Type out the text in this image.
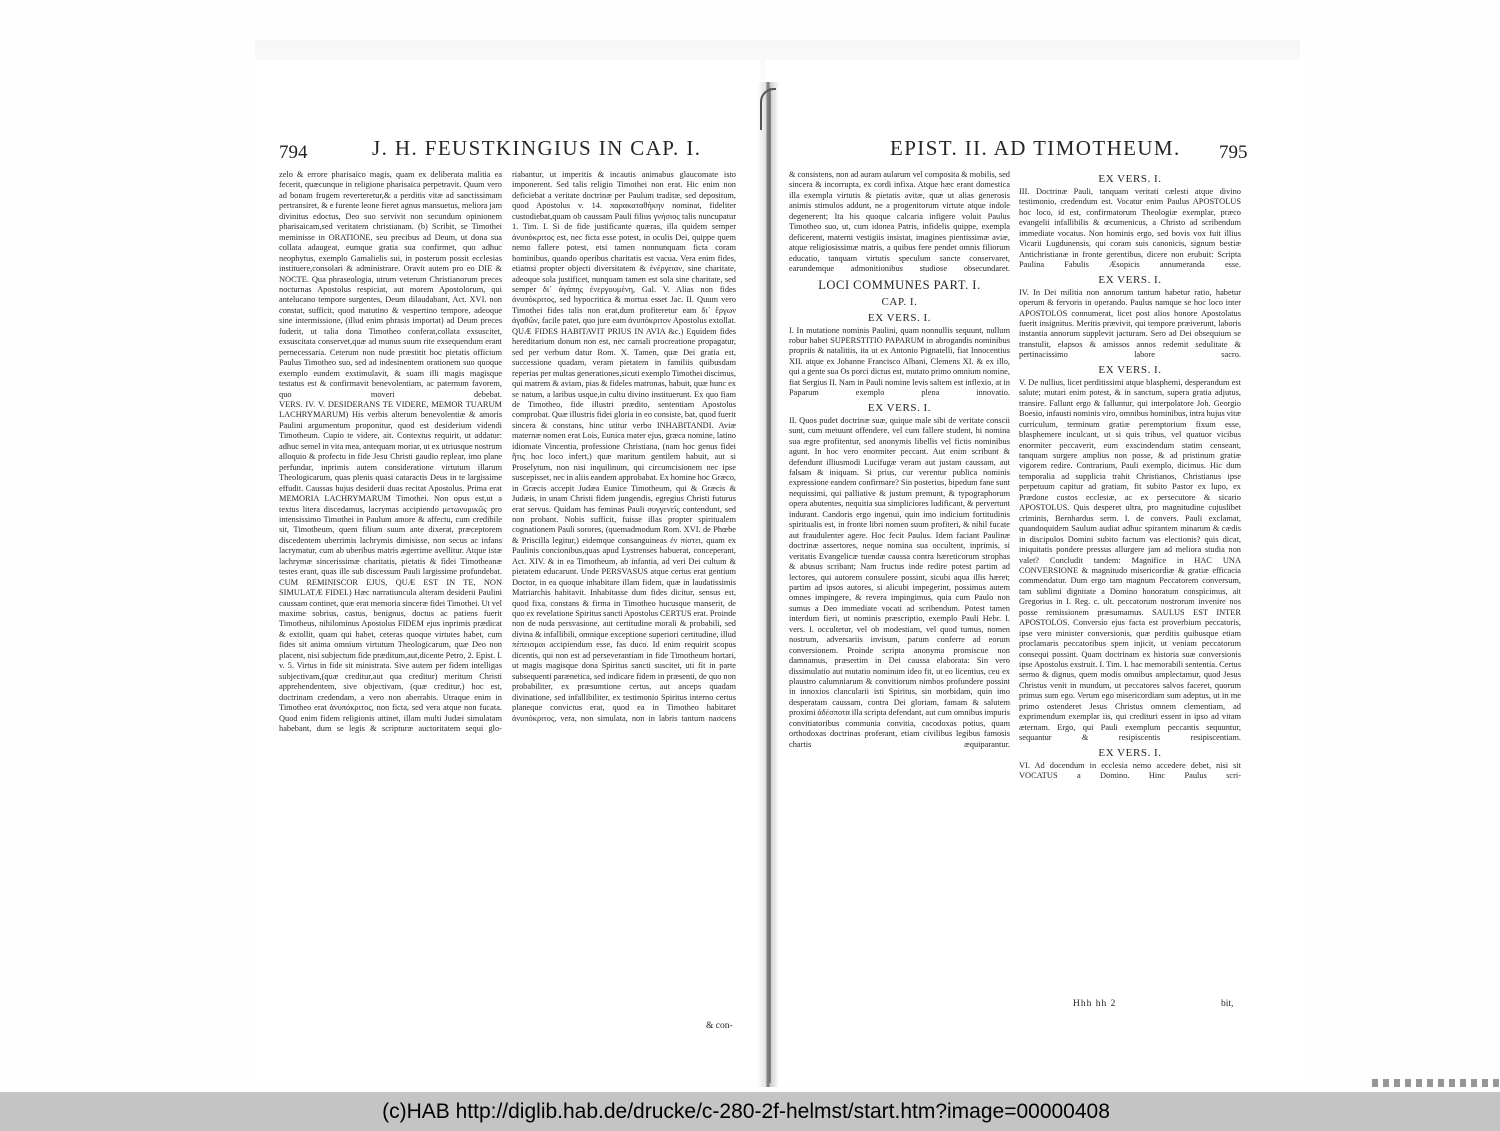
794	J. H. FEUSTKINGIUS IN CAP. I.

zelo & errore pharisaico magis, quam ex deliberata malitia ea fecerit, quæcunque in religione pharisaica perpetravit. Quum vero ad bonam frugem reverteretur,& a perditis vitæ ad sanctissimam pertransiret, & e furente leone fieret agnus mansuetus, meliora jam divinitus edoctus, Deo suo servivit non secundum opinionem pharisaicam,sed veritatem christianam. (b) Scribit, se Timothei meminisse in ORATIONE, seu precibus ad Deum, ut dona sua collata adaugeat, eumque gratia sua confirmet, quo adhuc neophytus, exemplo Gamalielis sui, in posterum possit ecclesias instituere,consolari & administrare. Oravit autem pro eo DIE & NOCTE. Qua phraseologia, utrum veterum Christianorum preces nocturnas Apostolus respiciat, aut morem Apostolorum, qui antelucano tempore surgentes, Deum dilaudabant, Act. XVI. non constat, sufficit, quod matutino & vespertino tempore, adeoque sine intermissione, (illud enim phrasis importat) ad Deum preces fuderit, ut talia dona Timotheo conferat,collata exsuscitet, exsuscitata conservet,quæ ad munus suum rite exsequendum erant pernecessaria. Ceterum non nude præstitit hoc pietatis officium Paulus Timotheo suo, sed ad indesinentem orationem suo quoque exemplo eundem exstimulavit, & suam illi magis magisque testatus est & confirmavit benevolentiam, ac paternum favorem, quo moveri debebat.

VERS. IV. V. DESIDERANS TE VIDERE, MEMOR TUARUM LACHRYMARUM) His verbis alterum benevolentiæ & amoris Paulini argumentum proponitur, quod est desiderium videndi Timotheum. Cupio te videre, ait. Contextus requirit, ut addatur: adhuc semel in vita mea, antequam moriar, ut ex utriusque nostrum alloquio & profectu in fide Jesu Christi gaudio replear, imo plane perfundar, inprimis autem consideratione virtutum illarum Theologicarum, quas plenis quasi cataractis Deus in te largissime effudit. Caussas hujus desiderii duas recitat Apostolus. Prima erat MEMORIA LACHRYMARUM Timothei. Non opus est,ut a textus litera discedamus, lacrymas accipiendo μετωνυμικῶς pro intensissimo Timothei in Paulum amore & affectu, cum credibile sit, Timotheum, quem filium suum ante dixerat, præceptorem discedentem uberrimis lachrymis dimisisse, non secus ac infans lacrymatur, cum ab uberibus matris ægerrime avellitur. Atque istæ lachrymæ sincerissimæ charitatis, pietatis & fidei Timotheanæ testes erant, quas ille sub discessum Pauli largissime profundebat. CUM REMINISCOR EJUS, QUÆ EST IN TE, NON SIMULATÆ FIDEI.) Hæc narratiuncula alteram desiderii Paulini caussam continet, quæ erat memoria sinceræ fidei Timothei. Ut vel maxime sobrius, castus, benignus, doctus ac patiens fuerit Timotheus, nihilominus Apostolus FIDEM ejus inprimis prædicat & extollit, quam qui habet, ceteras quoque virtutes habet, cum fides sit anima omnium virtutum Theologicarum, quæ Deo non placent, nisi subjectum fide præditum,aut,dicente Petro, 2. Epist. I. v. 5. Virtus in fide sit ministrata. Sive autem per fidem intelligas subjectivam,(quæ creditur,aut qua creditur) meritum Christi apprehendentem, sive objectivam, (quæ creditur,) hoc est, doctrinam credendam, a vero non aberrabis. Utraque enim in Timotheo erat ἀνυπόκριτος, non ficta, sed vera atque non fucata. Quod enim fidem religionis attinet, illam multi Judæi simulatam habebant, dum se legis & scripturæ auctoritatem sequi glo-

riabantur, ut imperitis & incautis animabus glaucomate isto imponerent. Sed talis religio Timothei non erat. Hic enim non deficiebat a veritate doctrinæ per Paulum traditæ, sed depositum, quod Apostolus v. 14. παρακαταθήκην nominat, fideliter custodiebat,quam ob caussam Pauli filius γνήσιος talis nuncupatur 1. Tim. I. Si de fide justificante quæras, illa quidem semper ἀνυπόκριτος est, nec ficta esse potest, in oculis Dei, quippe quem nemo fallere potest, etsi tamen nonnunquam ficta coram hominibus, quando operibus charitatis est vacua. Vera enim fides, etiamsi propter objecti diversitatem & ἐνέργειαν, sine charitate, adeoque sola justificet, nunquam tamen est sola sine charitate, sed semper δι᾽ ἀγάπης ἐνεργουμένη, Gal. V. Alias non fides ἀνυπόκριτος, sed hypocritica & mortua esset Jac. II. Quum vero Timothei fides talis non erat,dum profiteretur eam δι᾽ ἔργων ἀγαθῶν, facile patet, quo jure eam ἀνυπόκριτον Apostolus extollat. QUÆ FIDES HABITAVIT PRIUS IN AVIA &c.) Equidem fides hereditarium donum non est, nec carnali procreatione propagatur, sed per verbum datur Rom. X. Tamen, quæ Dei gratia est, successione quadam, veram pietatem in familiis quibusdam reperias per multas generationes,sicuti exemplo Timothei discimus, qui matrem & aviam, pias & fideles matronas, habuit, quæ hunc ex se natum, a laribus usque,in cultu divino instituerunt. Ex quo fiam de Timotheo, fide illustri prædito, sententiam Apostolus comprobat. Quæ illustris fidei gloria in eo consiste, bat, quod fuerit sincera & constans, hinc utitur verbo INHABITANDI. Aviæ maternæ nomen erat Lois, Eunica mater ejus, græca nomine, latino idiomate Vincentia, professione Christiana, (nam hoc genus fidei ἥτις hoc loco infert,) quæ maritum gentilem habuit, aut si Proselytum, non nisi inquilinum, qui circumcisionem nec ipse suscepisset, nec in aliis eandem approbabat. Ex homine hoc Græco, in Græcis accepit Judæa Eunice Timotheum, qui & Græcis & Judæis, in unam Christi fidem jungendis, egregius Christi futurus erat servus. Quidam has feminas Pauli συγγενεῖς contendunt, sed non probant. Nobis sufficit, fuisse illas propter spiritualem cognationem Pauli sorores, (quemadmodum Rom. XVI. de Phœbe & Priscilla legitur,) eidemque consanguineas ἐν πίστει, quam ex Paulinis concionibus,quas apud Lystrenses habuerat, conceperant, Act. XIV. & in ea Timotheum, ab infantia, ad veri Dei cultum & pietatem educarunt. Unde PERSVASUS atque certus erat gentium Doctor, in ea quoque inhabitare illam fidem, quæ in laudatissimis Matriarchis habitavit. Inhabitasse dum fides dicitur, sensus est, quod fixa, constans & firma in Timotheo hucusque manserit, de quo ex revelatione Spiritus sancti Apostolus CERTUS erat. Proinde non de nuda persvasione, aut certitudine morali & probabili, sed divina & infallibili, omnique exceptione superiori certitudine, illud πέπεισμαι accipiendum esse, fas duco. Id enim requirit scopus dicentis, qui non est ad perseverantiam in fide Timotheum hortari, ut magis magisque dona Spiritus sancti suscitet, uti fit in parte subsequenti parænetica, sed indicare fidem in præsenti, de quo non probabiliter, ex præsumtione certus, aut anceps quadam divinatione, sed infallibiliter, ex testimonio Spiritus interno certus planeque convictus erat, quod ea in Timotheo habitaret ἀνυπόκριτος, vera, non simulata, non in labris tantum naσcens

& con-
EPIST. II. AD TIMOTHEUM. 795

& consistens, non ad auram aularum vel composita & mobilis, sed sincera & incorrupta, ex cordi infixa. Atque hæc erant domestica illa exempla virtutis & pietatis avitæ, quæ ut alias generosis animis stimulos addunt, ne a progenitorum virtute atque indole degenerent; Ita his quoque calcaria infigere voluit Paulus Timotheo suo, ut, cum idonea Patris, infidelis quippe, exempla deficerent, materni vestigiis insistat, imagines pientissimæ aviæ, atque religiosissimæ matris, a quibus fere pendet omnis filiorum educatio, tanquam virtutis speculum sancte conservaret, earundemque admonitionibus studiose obsecundaret.

LOCI COMMUNES PART. I.

CAP. I.

EX VERS. I.

I. In mutatione nominis Paulini, quam nonnullis sequunt, nullum robur habet SUPERSTITIO PAPARUM in abrogandis nominibus propriis & natalitiis, ita ut ex Antonio Pignatelli, fiat Innocentius XII. atque ex Johanne Francisco Albani, Clemens XI. & ex illo, qui a gente sua Os porci dictus est, mutato primo omnium nomine, fiat Sergius II. Nam in Pauli nomine levis saltem est inflexio, at in Paparum exemplo plena innovatio.

EX VERS. I.

II. Quos pudet doctrinæ suæ, quique male sibi de veritate conscii sunt, cum metuunt offendere, vel cum fallere student, hi nomina sua ægre profitentur, sed anonymis libellis vel fictis nominibus agunt. In hoc vero enormiter peccant. Aut enim scribunt & defendunt illiusmodi Lucifugæ veram aut justam caussam, aut falsam & iniquam. Si prius, cur verentur publica nominis expressione eandem confirmare? Sin posterius, bipedum fane sunt nequissimi, qui palliative & justum premunt, & typographorum opera abutentes, nequitia sua simpliciores ludificant, & pervertunt indurant. Candoris ergo ingenui, quin imo indicium fortitudinis spiritualis est, in fronte libri nomen suum profiteri, & nihil fucate aut fraudulenter agere. Hoc fecit Paulus. Idem faciant Paulinæ doctrinæ assertores, neque nomina sua occultent, inprimis, si veritatis Evangelicæ tuendæ caussa contra hæreticorum strophas & abusus scribant; Nam fructus inde redire potest partim ad lectores, qui autorem consulere possint, sicubi aqua illis hæret; partim ad ipsos autores, si alicubi impegerint, possimus autem omnes impingere, & revera impingimus, quia cum Paulo non sumus a Deo immediate vocati ad scribendum. Potest tamen interdum fieri, ut nominis præscriptio, exemplo Pauli Hebr. I. vers. I. occultetur, vel ob modestiam, vel quod tumus, nomen nostrum, adversariis invisum, parum conferre ad eorum conversionem. Proinde scripta anonyma promiscue non damnamus, præsertim in Dei caussa elaborata: Sin vero dissimulatio aut mutatio nominum ideo fit, ut eo licentius, ceu ex plaustro calumniarum & convitiorum nimbos profundere possint in innoxios clancularii isti Spiritus, sin morbidam, quin imo desperatam caussam, contra Dei gloriam, famam & salutem proximi ἀδέσποτα illa scripta defendant, aut cum omnibus impuris convitiatoribus communia convitia, cacodoxas potius, quam orthodoxas doctrinas proferant, etiam civilibus legibus famosis chartis æquiparantur.

EX VERS. I.

III. Doctrinæ Pauli, tanquam veritati cælesti atque divino testimonio, credendum est. Vocatur enim Paulus APOSTOLUS hoc loco, id est, confirmatorum Theologiæ exemplar, præco evangelii infallibilis & œcumenicus, a Christo ad scribendum immediate vocatus. Non hominis ergo, sed bovis vox fuit illius Vicarii Lugdunensis, qui coram suis canonicis, signum bestiæ Antichristianæ in fronte gerentibus, dicere non erubuit: Scripta Paulina Fabulis Æsopicis annumeranda esse.

EX VERS. I.

IV. In Dei militia non annorum tantum habetur ratio, habetur operum & fervoris in operando. Paulus namque se hoc loco inter APOSTOLOS connumerat, licet post alios honore Apostolatus fuerit insignitus. Meritis prævivit, qui tempore præiverunt, laboris instantia annorum supplevit jacturam. Sero ad Dei obsequium se transtulit, elapsos & amissos annos redemit sedulitate & pertinacissimo labore sacro.

EX VERS. I.

V. De nullius, licet perditissimi atque blasphemi, desperandum est salute; mutari enim potest, & in sanctum, supera gratia adjutus, transire. Fallunt ergo & falluntur, qui interpolatore Joh. Georgio Boesio, infausti nominis viro, omnibus hominibus, intra hujus vitæ curriculum, terminum gratiæ peremptorium fixum esse, blasphemere inculcant, ut si quis tribus, vel quatuor vicibus enormiter peccaverit, eum exscindendum statim censeant, tanquam surgere amplius non posse, & ad pristinum gratiæ vigorem redire. Contrarium, Pauli exemplo, dicimus. Hic dum temporalia ad supplicia trahit Christianos, Christianus ipse perpetuum capitur ad gratiam, fit subito Pastor ex lupo, ex Prædone custos ecclesiæ, ac ex persecutore & sicario APOSTOLUS. Quis desperet ultra, pro magnitudine cujuslibet criminis, Bernhardus serm. I. de convers. Pauli exclamat, quandoquidem Saulum audiat adhuc spirantem minarum & cædis in discipulos Domini subito factum vas electionis? quis dicat, iniquitatis pondere pressus allurgere jam ad meliora studia non valet? Concludit tandem: Magnifice in HAC UNA CONVERSIONE & magnitudo misericordiæ & gratiæ efficacia commendatur. Dum ergo tam magnum Peccatorem conversum, tam sublimi dignitate a Domino honoratum conspicimus, ait Gregorius in I. Reg. c. ult. peccatorum nostrorum invenire nos posse remissionem præsumamus. SAULUS EST INTER APOSTOLOS. Conversio ejus facta est proverbium peccatoris, ipse vero minister conversionis, quæ perditis quibusque etiam proclamaris peccatoribus spem injicit, ut veniam peccatorum consequi possint. Quam doctrinam ex historia suæ conversionis ipse Apostolus exstruit. I. Tim. I. hac memorabili sententia. Certus sermo & dignus, quem modis omnibus amplectamur, quod Jesus Christus venit in mundum, ut peccatores salvos faceret, quorum primus sum ego. Verum ego misericordiam sum adeptus, ut in me primo ostenderet Jesus Christus omnem clementiam, ad exprimendum exemplar iis, qui credituri essent in ipso ad vitam æternam. Ergo, qui Pauli exemplum peccantis sequuntur, sequantur & resipiscentis resipiscentiam.

EX VERS. I.

VI. Ad docendum in ecclesia nemo accedere debet, nisi sit VOCATUS a Domino. Hinc Paulus scri-

Hhh hh 2	bit,
(c)HAB http://diglib.hab.de/drucke/c-280-2f-helmst/start.htm?image=00000408
